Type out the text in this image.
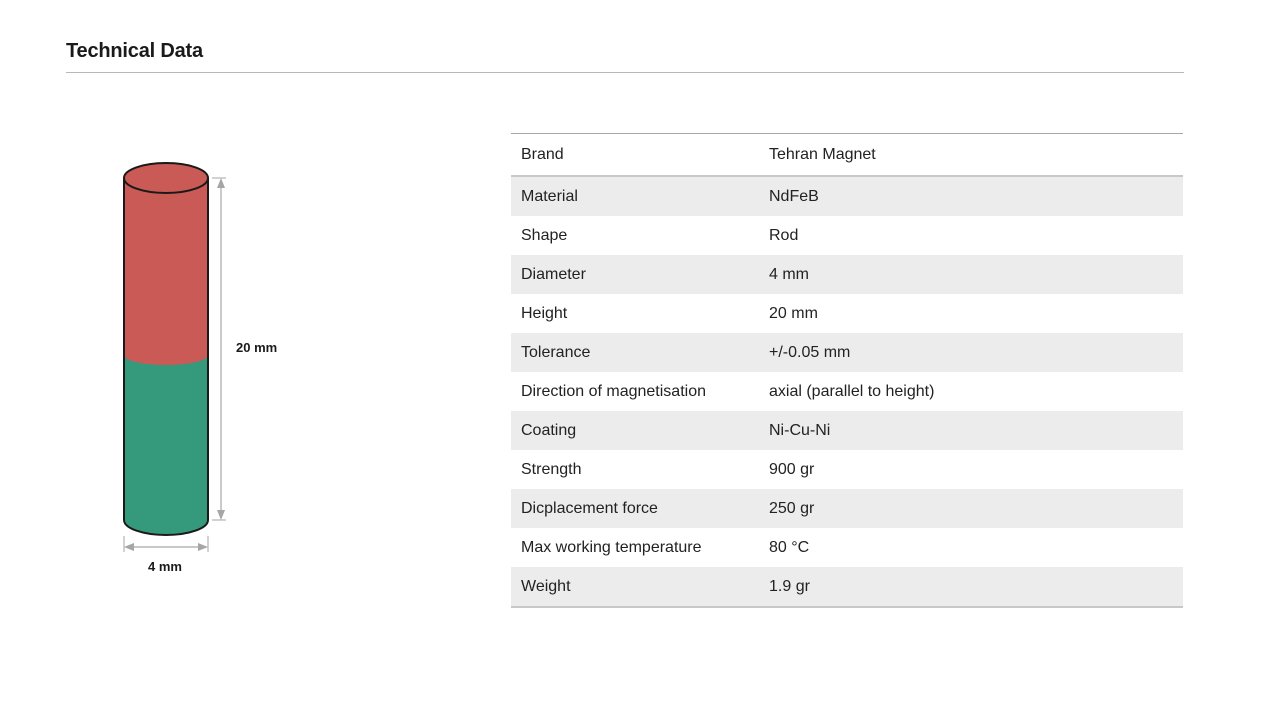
Technical Data
20 mm
4 mm
Brand	Tehran Magnet
Material	NdFeB
Shape	Rod
Diameter	4 mm
Height	20 mm
Tolerance	+/-0.05 mm
Direction of magnetisation	axial (parallel to height)
Coating	Ni-Cu-Ni
Strength	900 gr
Dicplacement force	250 gr
Max working temperature	80 °C
Weight	1.9 gr
